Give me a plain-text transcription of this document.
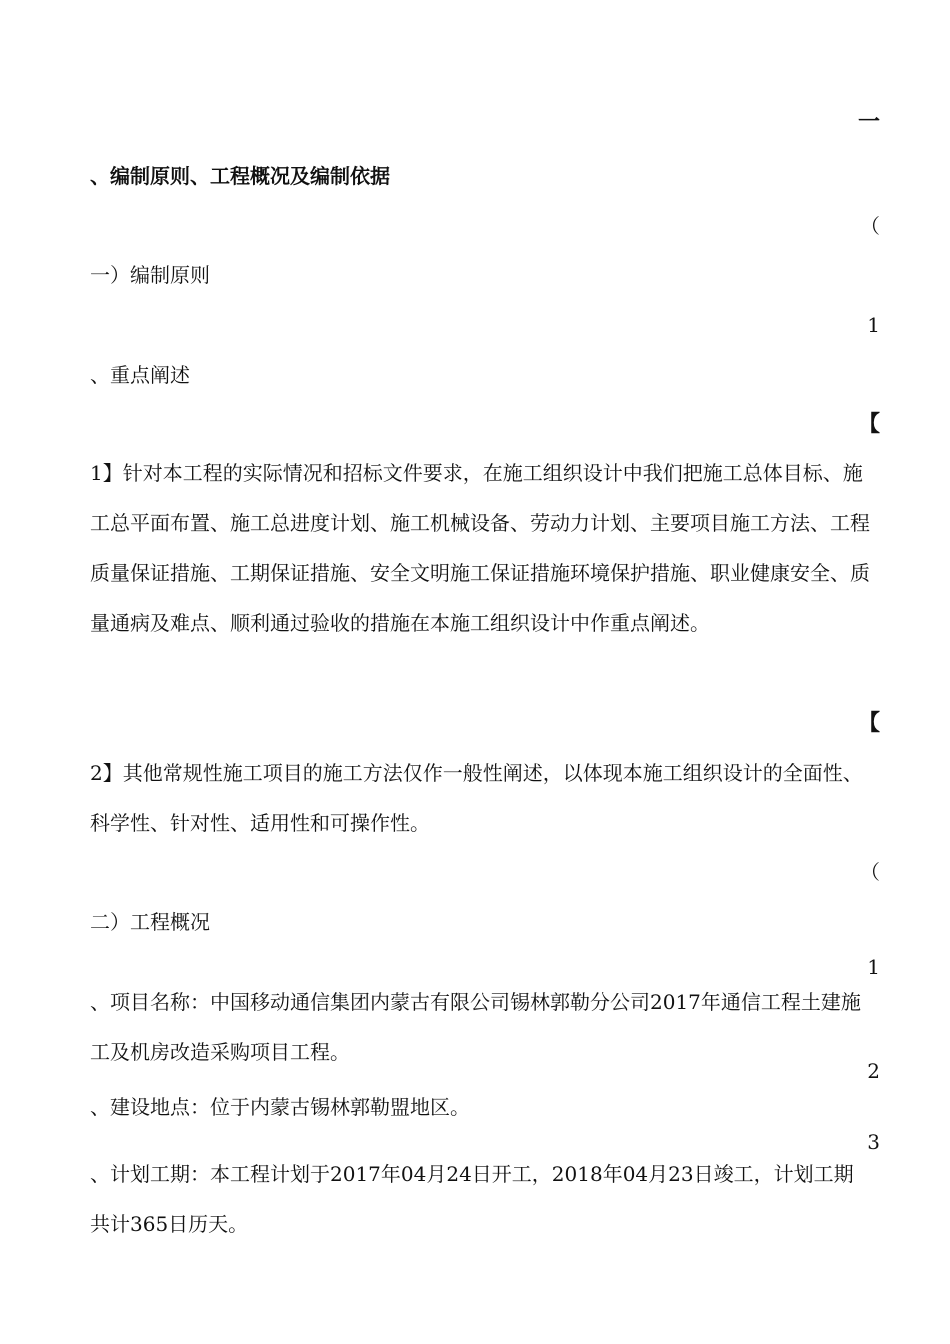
一
、编制原则、工程概况及编制依据
（
一）编制原则
1
、重点阐述
【
1】针对本工程的实际情况和招标文件要求，在施工组织设计中我们把施工总体目标、施工总平面布置、施工总进度计划、施工机械设备、劳动力计划、主要项目施工方法、工程质量保证措施、工期保证措施、安全文明施工保证措施环境保护措施、职业健康安全、质量通病及难点、顺利通过验收的措施在本施工组织设计中作重点阐述。
【
2】其他常规性施工项目的施工方法仅作一般性阐述，以体现本施工组织设计的全面性、科学性、针对性、适用性和可操作性。
（
二）工程概况
1
、项目名称：中国移动通信集团内蒙古有限公司锡林郭勒分公司2017年通信工程土建施工及机房改造采购项目工程。
2
、建设地点：位于内蒙古锡林郭勒盟地区。
3
、计划工期：本工程计划于2017年04月24日开工，2018年04月23日竣工，计划工期共计365日历天。
